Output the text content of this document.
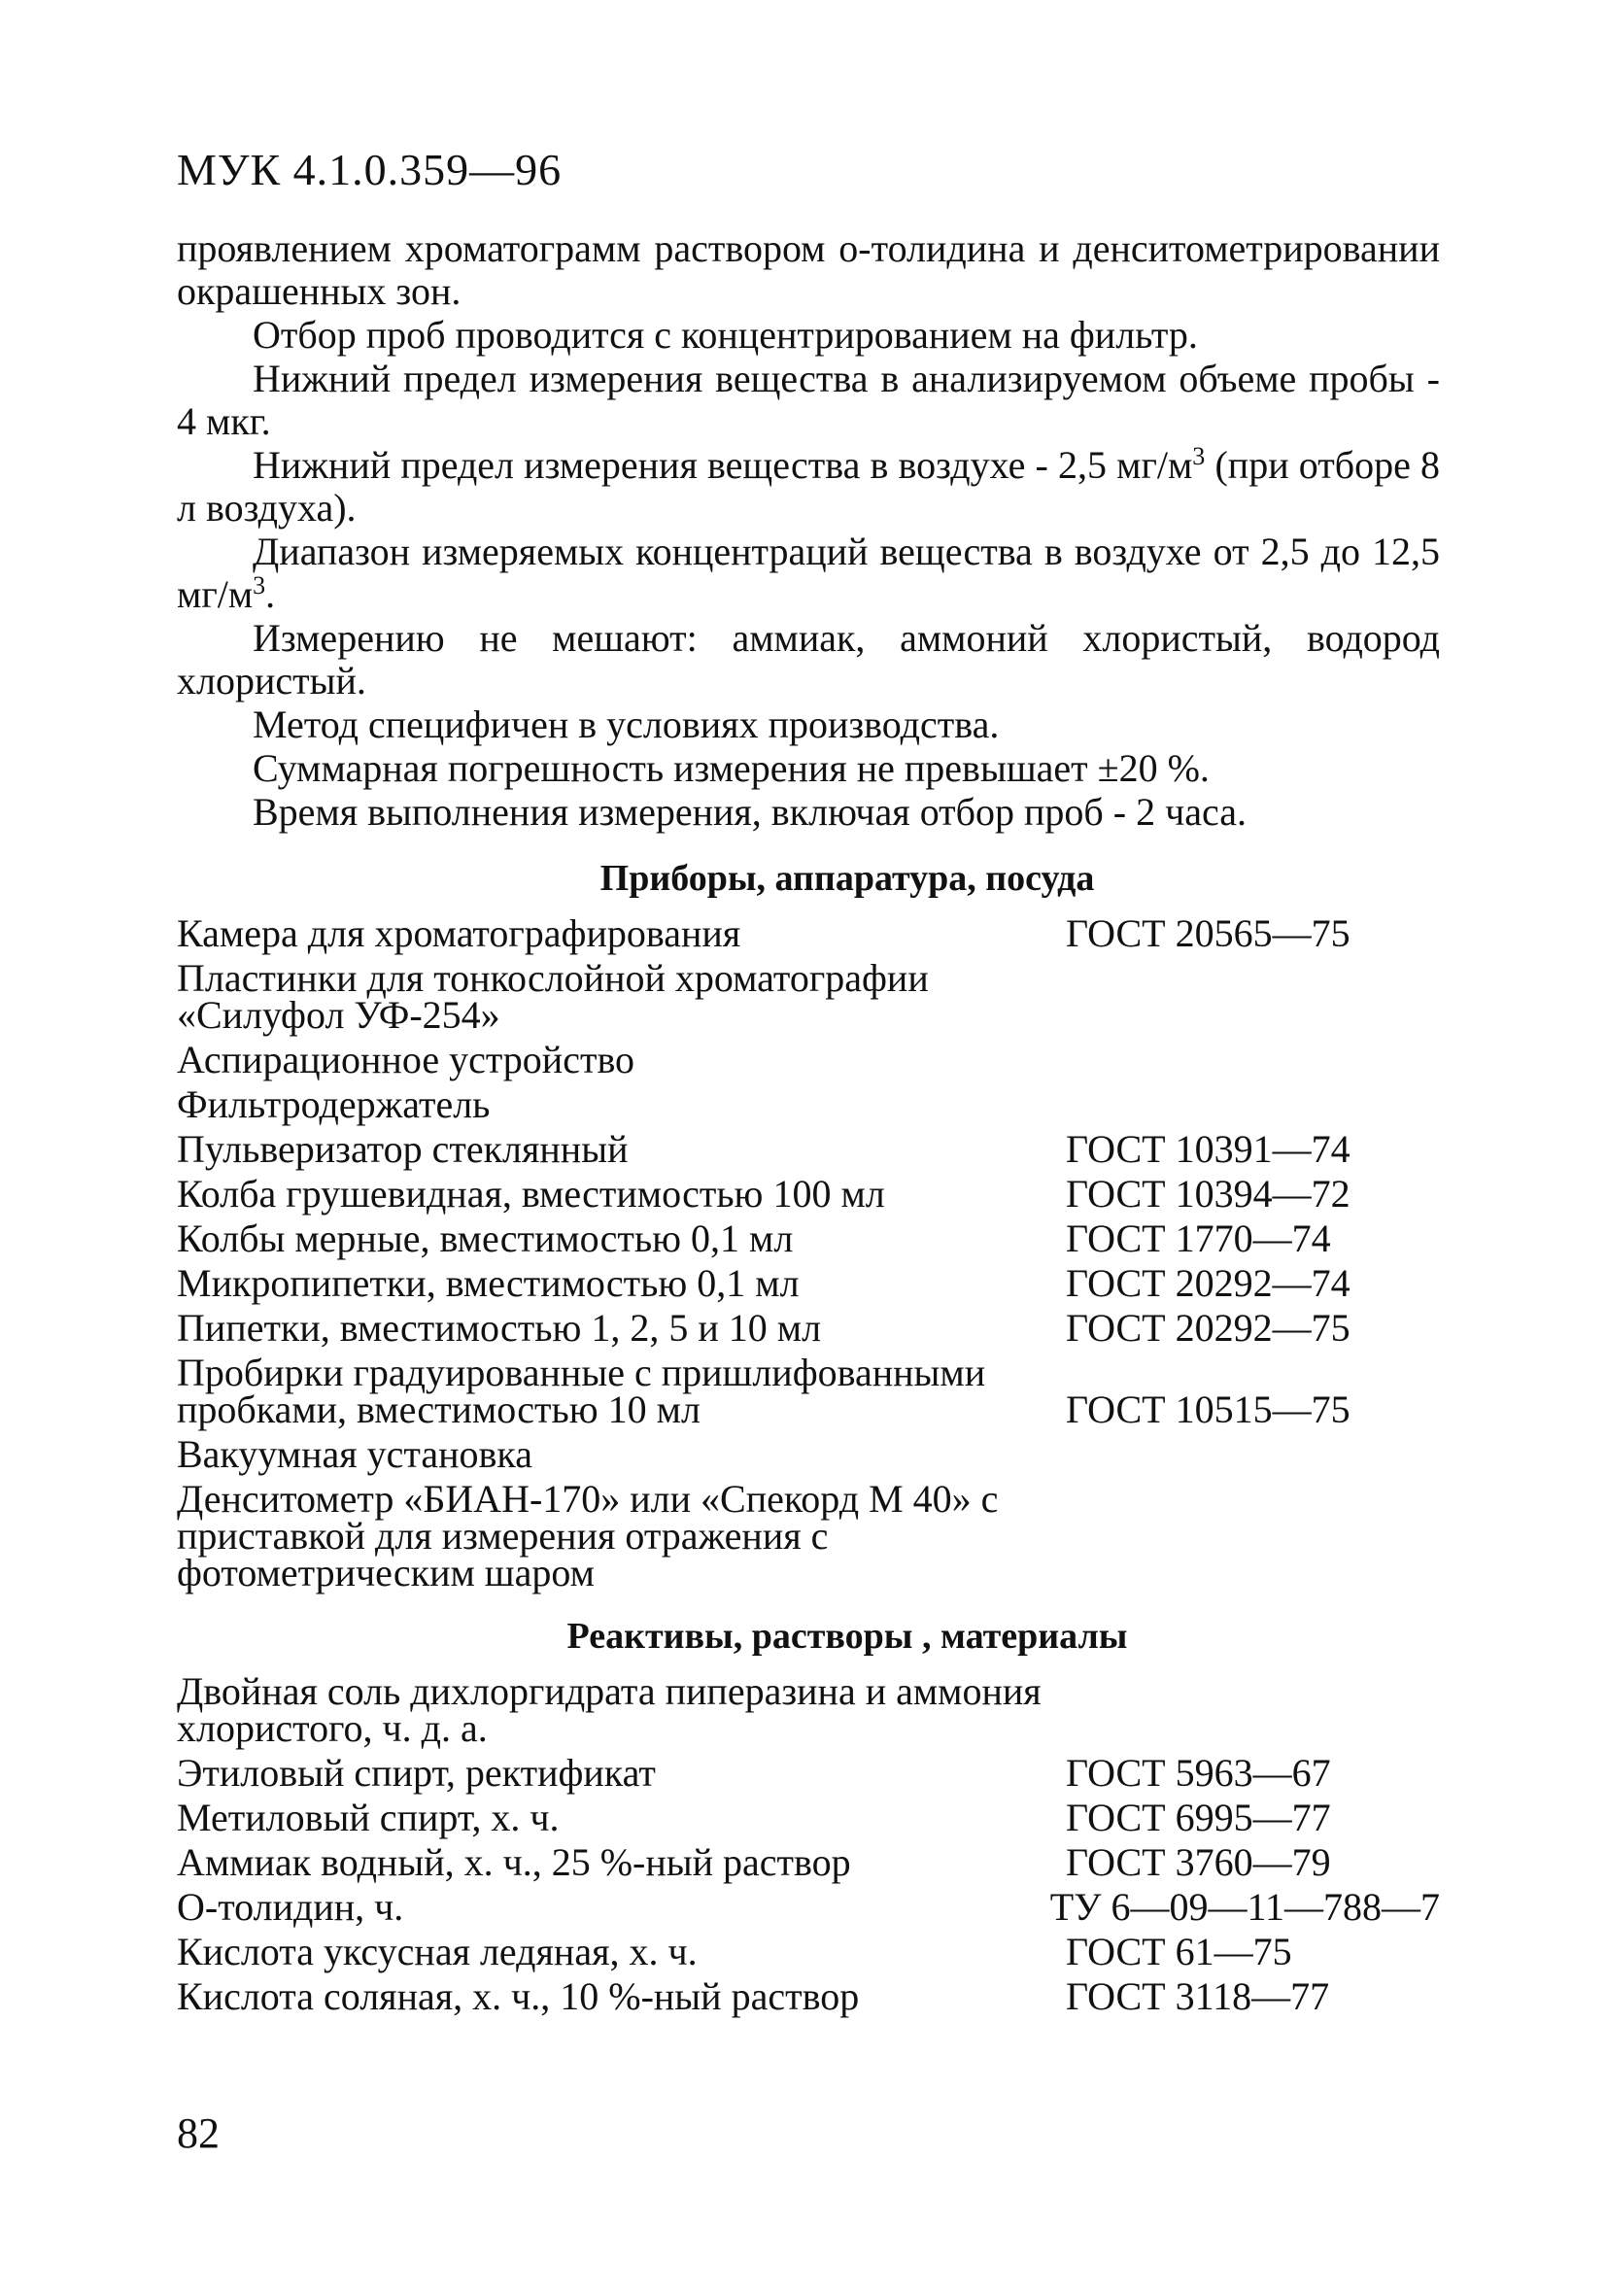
МУК 4.1.0.359—96

проявлением хроматограмм раствором о-толидина и денситометрировании окрашенных зон.

Отбор проб проводится с концентрированием на фильтр.

Нижний предел измерения вещества в анализируемом объеме пробы - 4 мкг.

Нижний предел измерения вещества в воздухе - 2,5 $мг/м^3$ (при отборе 8 л воздуха).

Диапазон измеряемых концентраций вещества в воздухе от 2,5 до 12,5 $мг/м^3$.

Измерению не мешают: аммиак, аммоний хлористый, водород хлористый.

Метод специфичен в условиях производства.

Суммарная погрешность измерения не превышает ±20 %.

Время выполнения измерения, включая отбор проб - 2 часа.

Приборы, аппаратура, посуда
Камера для хроматографирования	ГОСТ 20565—75
Пластинки для тонкослойной хроматографии «Силуфол УФ-254»
Аспирационное устройство
Фильтродержатель
Пульверизатор стеклянный	ГОСТ 10391—74
Колба грушевидная, вместимостью 100 мл	ГОСТ 10394—72
Колбы мерные, вместимостью 0,1 мл	ГОСТ 1770—74
Микропипетки, вместимостью 0,1 мл	ГОСТ 20292—74
Пипетки, вместимостью 1, 2, 5 и 10 мл	ГОСТ 20292—75
Пробирки градуированные с пришлифованными пробками, вместимостью 10 мл	ГОСТ 10515—75
Вакуумная установка
Денситометр «БИАН-170» или «Спекорд М 40» с приставкой для измерения отражения с фотометрическим шаром
Реактивы, растворы , материалы
Двойная соль дихлоргидрата пиперазина и аммония хлористого, ч. д. а.
Этиловый спирт, ректификат	ГОСТ 5963—67
Метиловый спирт, х. ч.	ГОСТ 6995—77
Аммиак водный, х. ч., 25 %-ный раствор	ГОСТ 3760—79
О-толидин, ч.	ТУ 6—09—11—788—7
Кислота уксусная ледяная, х. ч.	ГОСТ 61—75
Кислота соляная, х. ч., 10 %-ный раствор	ГОСТ 3118—77
82
